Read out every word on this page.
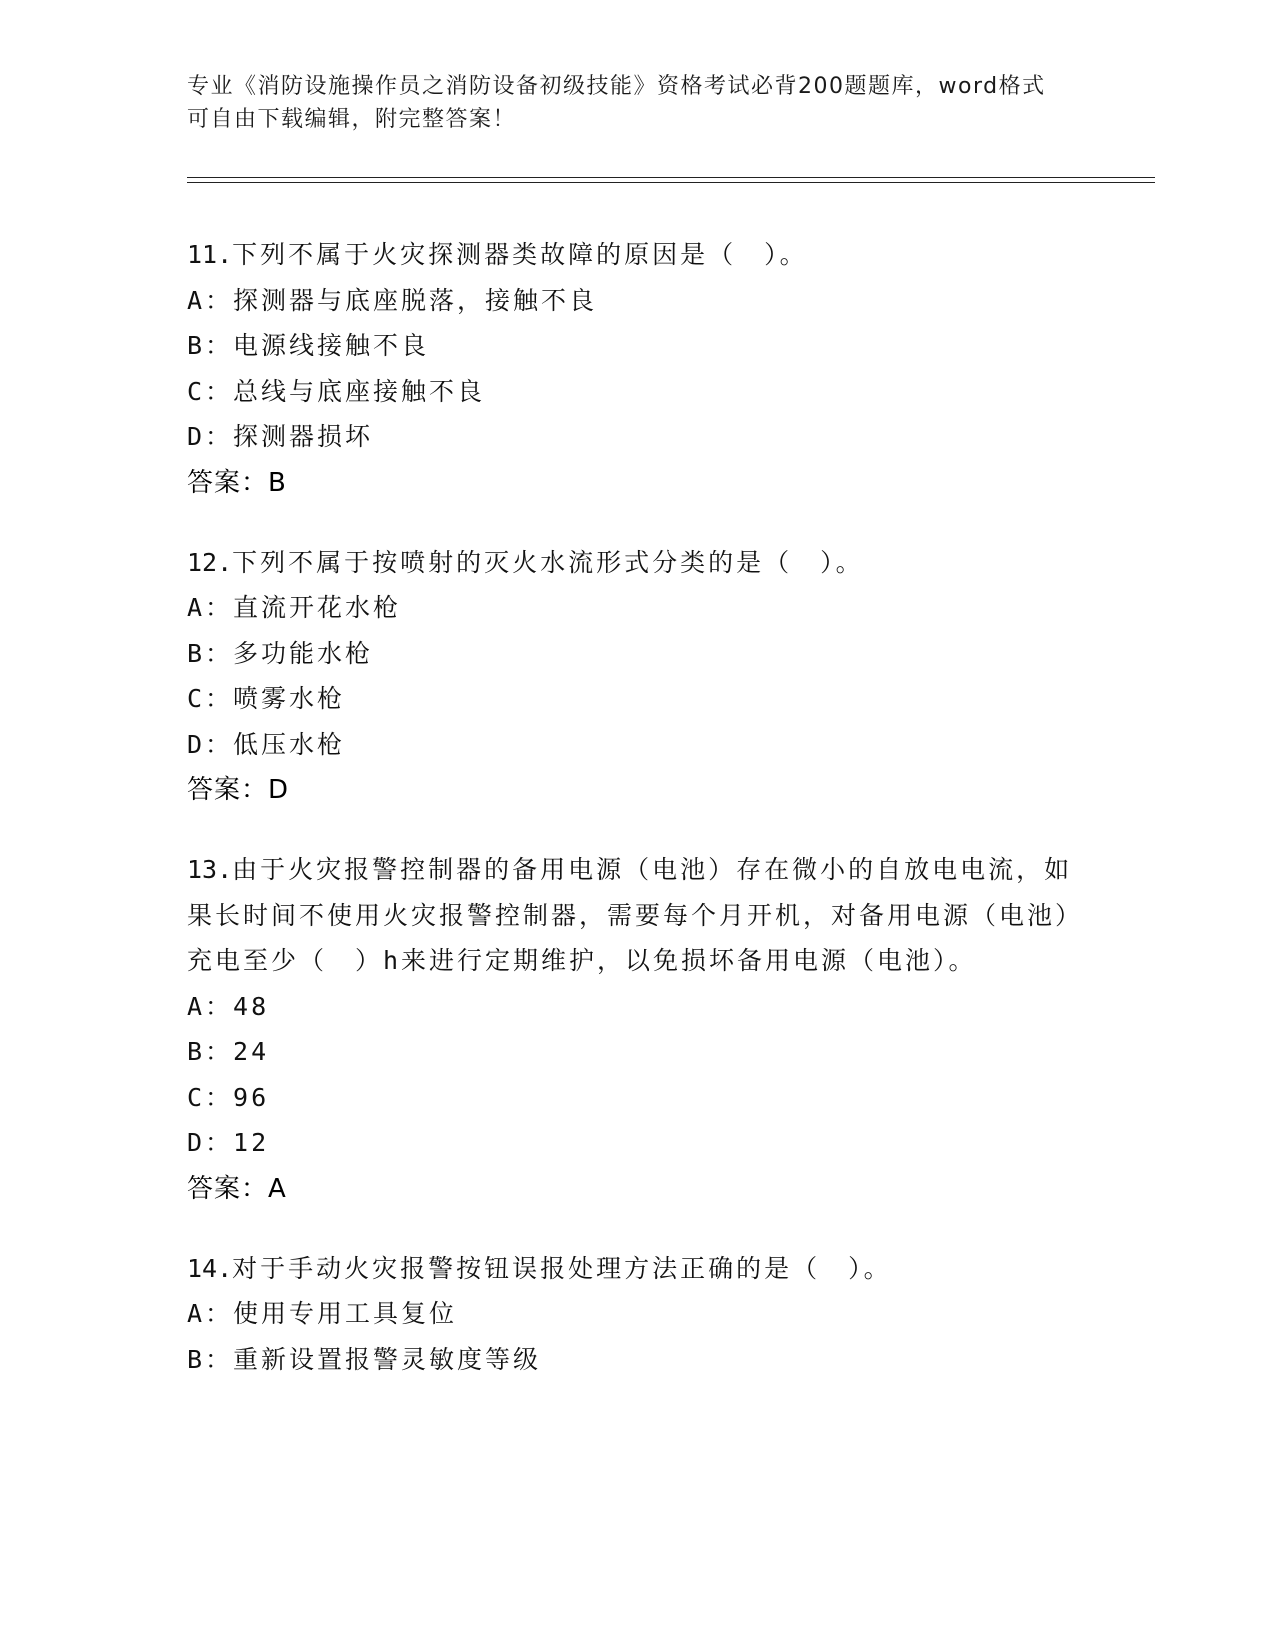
专业《消防设施操作员之消防设备初级技能》资格考试必背200题题库，word格式可自由下载编辑，附完整答案！
11.下列不属于火灾探测器类故障的原因是（　）。
A：探测器与底座脱落，接触不良
B：电源线接触不良
C：总线与底座接触不良
D：探测器损坏
答案：B
12.下列不属于按喷射的灭火水流形式分类的是（　）。
A：直流开花水枪
B：多功能水枪
C：喷雾水枪
D：低压水枪
答案：D
13.由于火灾报警控制器的备用电源（电池）存在微小的自放电电流，如果长时间不使用火灾报警控制器，需要每个月开机，对备用电源（电池）充电至少（　）h来进行定期维护，以免损坏备用电源（电池）。
A：48
B：24
C：96
D：12
答案：A
14.对于手动火灾报警按钮误报处理方法正确的是（　）。
A：使用专用工具复位
B：重新设置报警灵敏度等级
